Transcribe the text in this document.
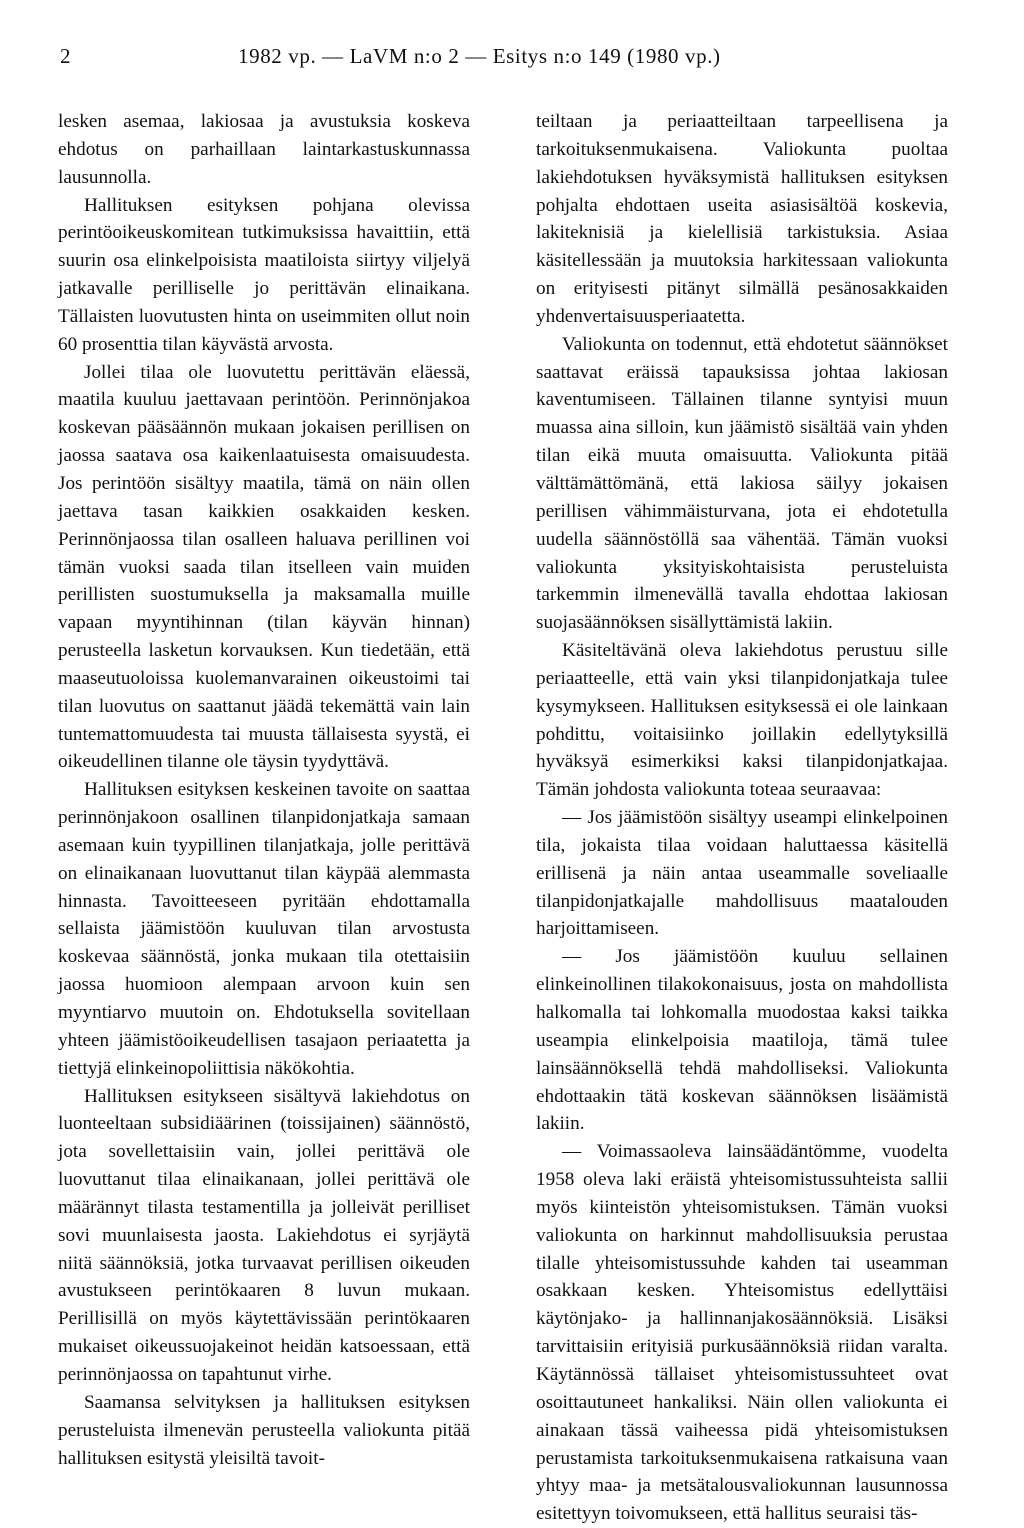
2	1982 vp. — LaVM n:o 2 — Esitys n:o 149 (1980 vp.)

lesken asemaa, lakiosaa ja avustuksia koskeva ehdotus on parhaillaan laintarkastuskunnassa lausunnolla.

Hallituksen esityksen pohjana olevissa perintöoikeuskomitean tutkimuksissa havaittiin, että suurin osa elinkelpoisista maatiloista siirtyy viljelyä jatkavalle perilliselle jo perittävän elinaikana. Tällaisten luovutusten hinta on useimmiten ollut noin 60 prosenttia tilan käyvästä arvosta.

Jollei tilaa ole luovutettu perittävän eläessä, maatila kuuluu jaettavaan perintöön. Perinnönjakoa koskevan pääsäännön mukaan jokaisen perillisen on jaossa saatava osa kaikenlaatuisesta omaisuudesta. Jos perintöön sisältyy maatila, tämä on näin ollen jaettava tasan kaikkien osakkaiden kesken. Perinnönjaossa tilan osalleen haluava perillinen voi tämän vuoksi saada tilan itselleen vain muiden perillisten suostumuksella ja maksamalla muille vapaan myyntihinnan (tilan käyvän hinnan) perusteella lasketun korvauksen. Kun tiedetään, että maaseutuoloissa kuolemanvarainen oikeustoimi tai tilan luovutus on saattanut jäädä tekemättä vain lain tuntemattomuudesta tai muusta tällaisesta syystä, ei oikeudellinen tilanne ole täysin tyydyttävä.

Hallituksen esityksen keskeinen tavoite on saattaa perinnönjakoon osallinen tilanpidonjatkaja samaan asemaan kuin tyypillinen tilanjatkaja, jolle perittävä on elinaikanaan luovuttanut tilan käypää alemmasta hinnasta. Tavoitteeseen pyritään ehdottamalla sellaista jäämistöön kuuluvan tilan arvostusta koskevaa säännöstä, jonka mukaan tila otettaisiin jaossa huomioon alempaan arvoon kuin sen myyntiarvo muutoin on. Ehdotuksella sovitellaan yhteen jäämistöoikeudellisen tasajaon periaatetta ja tiettyjä elinkeinopoliittisia näkökohtia.

Hallituksen esitykseen sisältyvä lakiehdotus on luonteeltaan subsidiäärinen (toissijainen) säännöstö, jota sovellettaisiin vain, jollei perittävä ole luovuttanut tilaa elinaikanaan, jollei perittävä ole määrännyt tilasta testamentilla ja jolleivät perilliset sovi muunlaisesta jaosta. Lakiehdotus ei syrjäytä niitä säännöksiä, jotka turvaavat perillisen oikeuden avustukseen perintökaaren 8 luvun mukaan. Perillisillä on myös käytettävissään perintökaaren mukaiset oikeussuojakeinot heidän katsoessaan, että perinnönjaossa on tapahtunut virhe.

Saamansa selvityksen ja hallituksen esityksen perusteluista ilmenevän perusteella valiokunta pitää hallituksen esitystä yleisiltä tavoit-

teiltaan ja periaatteiltaan tarpeellisena ja tarkoituksenmukaisena. Valiokunta puoltaa lakiehdotuksen hyväksymistä hallituksen esityksen pohjalta ehdottaen useita asiasisältöä koskevia, lakiteknisiä ja kielellisiä tarkistuksia. Asiaa käsitellessään ja muutoksia harkitessaan valiokunta on erityisesti pitänyt silmällä pesänosakkaiden yhdenvertaisuusperiaatetta.

Valiokunta on todennut, että ehdotetut säännökset saattavat eräissä tapauksissa johtaa lakiosan kaventumiseen. Tällainen tilanne syntyisi muun muassa aina silloin, kun jäämistö sisältää vain yhden tilan eikä muuta omaisuutta. Valiokunta pitää välttämättömänä, että lakiosa säilyy jokaisen perillisen vähimmäisturvana, jota ei ehdotetulla uudella säännöstöllä saa vähentää. Tämän vuoksi valiokunta yksityiskohtaisista perusteluista tarkemmin ilmenevällä tavalla ehdottaa lakiosan suojasäännöksen sisällyttämistä lakiin.

Käsiteltävänä oleva lakiehdotus perustuu sille periaatteelle, että vain yksi tilanpidonjatkaja tulee kysymykseen. Hallituksen esityksessä ei ole lainkaan pohdittu, voitaisiinko joillakin edellytyksillä hyväksyä esimerkiksi kaksi tilanpidonjatkajaa. Tämän johdosta valiokunta toteaa seuraavaa:

— Jos jäämistöön sisältyy useampi elinkelpoinen tila, jokaista tilaa voidaan haluttaessa käsitellä erillisenä ja näin antaa useammalle soveliaalle tilanpidonjatkajalle mahdollisuus maatalouden harjoittamiseen.

— Jos jäämistöön kuuluu sellainen elinkeinollinen tilakokonaisuus, josta on mahdollista halkomalla tai lohkomalla muodostaa kaksi taikka useampia elinkelpoisia maatiloja, tämä tulee lainsäännöksellä tehdä mahdolliseksi. Valiokunta ehdottaakin tätä koskevan säännöksen lisäämistä lakiin.

— Voimassaoleva lainsäädäntömme, vuodelta 1958 oleva laki eräistä yhteisomistussuhteista sallii myös kiinteistön yhteisomistuksen. Tämän vuoksi valiokunta on harkinnut mahdollisuuksia perustaa tilalle yhteisomistussuhde kahden tai useamman osakkaan kesken. Yhteisomistus edellyttäisi käytönjako- ja hallinnanjakosäännöksiä. Lisäksi tarvittaisiin erityisiä purkusäännöksiä riidan varalta. Käytännössä tällaiset yhteisomistussuhteet ovat osoittautuneet hankaliksi. Näin ollen valiokunta ei ainakaan tässä vaiheessa pidä yhteisomistuksen perustamista tarkoituksenmukaisena ratkaisuna vaan yhtyy maa- ja metsätalousvaliokunnan lausunnossa esitettyyn toivomukseen, että hallitus seuraisi täs-
